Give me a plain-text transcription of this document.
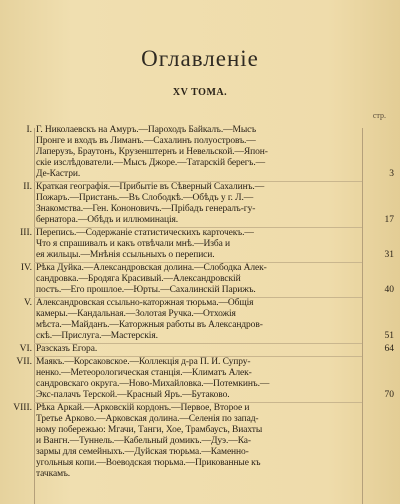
Оглавленiе
XV ТОМА.
стр.
I. Г. Николаевскъ на Амуръ.—Пароходъ Байкалъ.—Мысъ
Пронге и входъ въ Лиманъ.—Сахалинъ полуостровъ.—
Лаперузъ, Браутонъ, Крузенштернъ и Невельской.—Япон-
скіе изслѣдователи.—Мысъ Джоре.—Татарскій берегъ.—
Де-Кастри.	3
II. Краткая географія.—Прибытіе въ Сѣверный Сахалинъ.—
Пожаръ.—Пристань.—Въ Слободкѣ.—Обѣдъ у г. Л.—
Знакомства.—Ген. Кононовичъ.—Прібадъ генералъ-гу-
бернатора.—Обѣдъ и иллюминація.	17
III. Перепись.—Содержаніе статистическихъ карточекъ.—
Что я спрашивалъ и какъ отвѣчали мнѣ.—Изба и
ея жильцы.—Мнѣнія ссыльныхъ о переписи.	31
IV. Рѣка Дуйка.—Александровская долина.—Слободка Алек-
сандровка.—Бродяга Красивый.—Александровскій
постъ.—Его прошлое.—Юрты.—Сахалинскій Парижъ.	40
V. Александровская ссыльно-каторжная тюрьма.—Общія
камеры.—Кандальная.—Золотая Ручка.—Отхожія
мѣста.—Майданъ.—Каторжныя работы въ Александров-
скѣ.—Прислуга.—Мастерскія.	51
VI. Разсказъ Егора.	64
VII. Маякъ.—Корсаковское.—Коллекція д-ра П. И. Супру-
ненко.—Метеорологическая станція.—Климатъ Алек-
сандровскаго округа.—Ново-Михайловка.—Потемкинъ.—
Экс-палачъ Терской.—Красный Яръ.—Бутаково.	70
VIII. Рѣка Аркай.—Арковскій кордонъ.—Первое, Второе и
Третье Арково.—Арковская долина.—Селенія по запад-
ному побережью: Мгачи, Танги, Хое, Трамбаусъ, Виахты
и Вангн.—Туннель.—Кабельный домикъ.—Дуэ.—Ка-
зармы для семейныхъ.—Дуйская тюрьма.—Каменно-
угольныя копи.—Воеводская тюрьма.—Прикованные къ
тачкамъ.
